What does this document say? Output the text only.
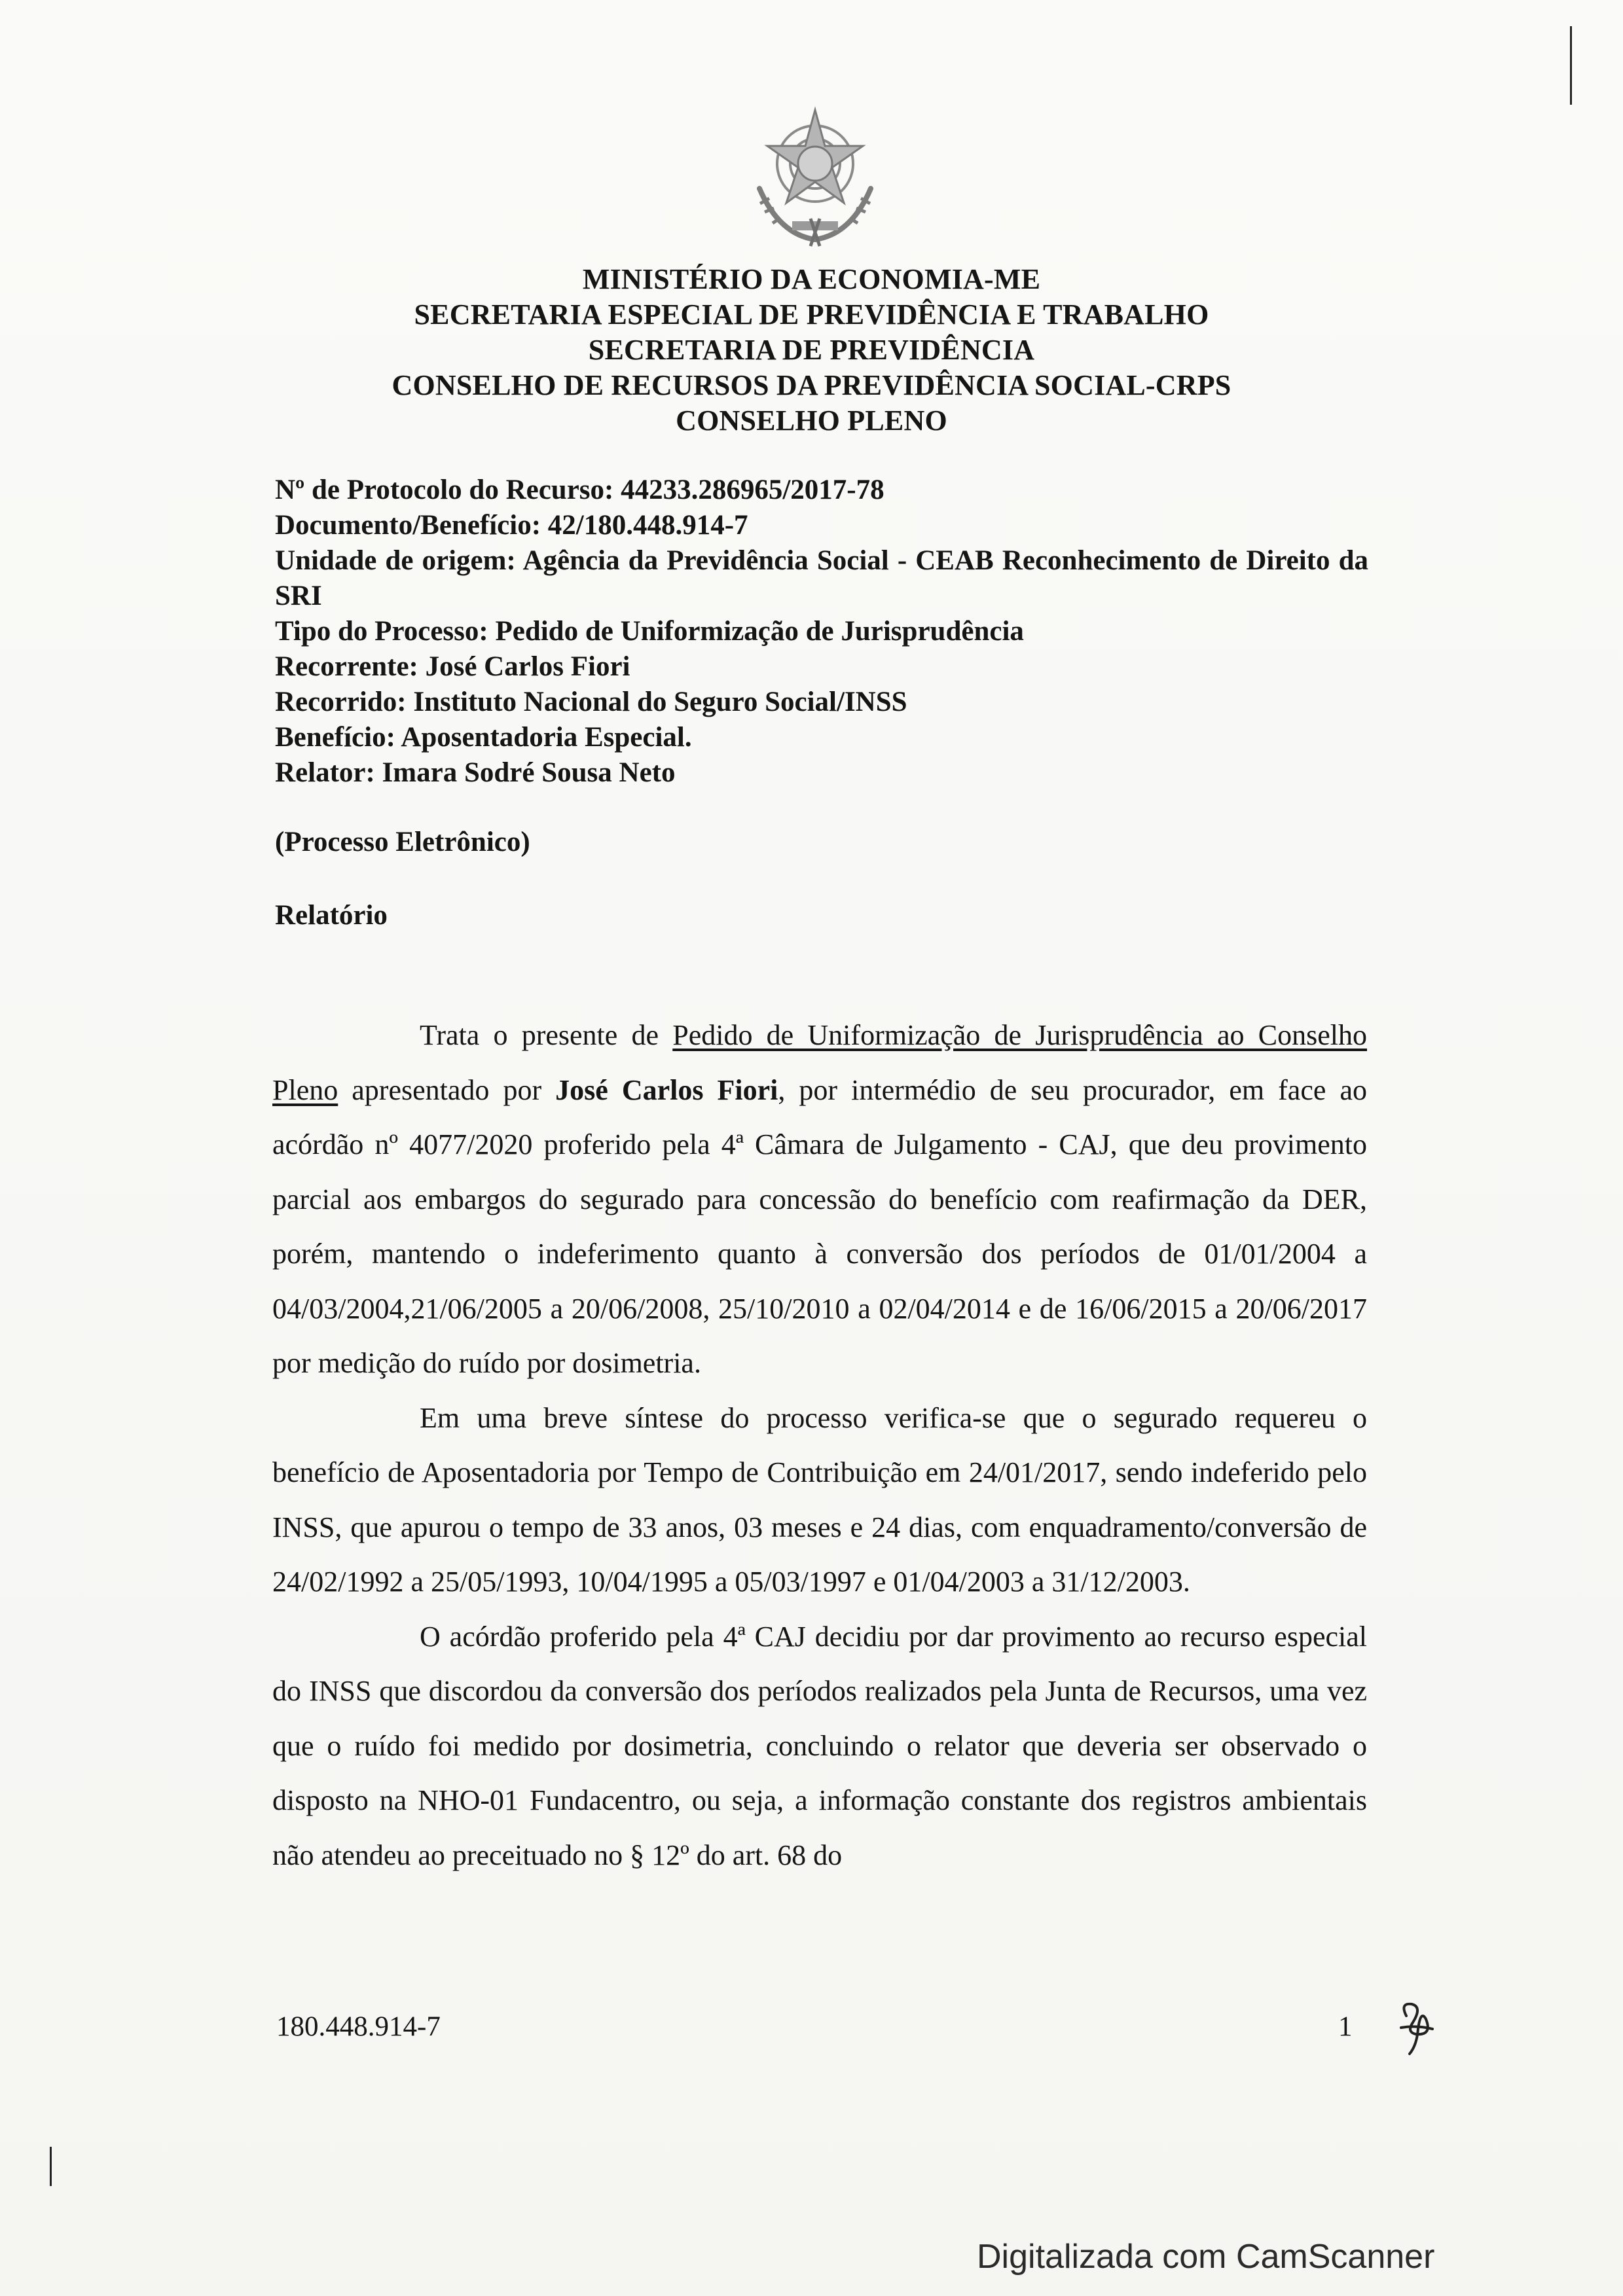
MINISTÉRIO DA ECONOMIA-ME
SECRETARIA ESPECIAL DE PREVIDÊNCIA E TRABALHO
SECRETARIA DE PREVIDÊNCIA
CONSELHO DE RECURSOS DA PREVIDÊNCIA SOCIAL-CRPS
CONSELHO PLENO
Nº de Protocolo do Recurso: 44233.286965/2017-78
Documento/Benefício: 42/180.448.914-7
Unidade de origem: Agência da Previdência Social - CEAB Reconhecimento de Direito da SRI
Tipo do Processo: Pedido de Uniformização de Jurisprudência
Recorrente: José Carlos Fiori
Recorrido: Instituto Nacional do Seguro Social/INSS
Benefício: Aposentadoria Especial.
Relator: Imara Sodré Sousa Neto
(Processo Eletrônico)
Relatório

Trata o presente de Pedido de Uniformização de Jurisprudência ao Conselho Pleno apresentado por José Carlos Fiori, por intermédio de seu procurador, em face ao acórdão nº 4077/2020 proferido pela 4ª Câmara de Julgamento - CAJ, que deu provimento parcial aos embargos do segurado para concessão do benefício com reafirmação da DER, porém, mantendo o indeferimento quanto à conversão dos períodos de 01/01/2004 a 04/03/2004,21/06/2005 a 20/06/2008, 25/10/2010 a 02/04/2014 e de 16/06/2015 a 20/06/2017 por medição do ruído por dosimetria.

Em uma breve síntese do processo verifica-se que o segurado requereu o benefício de Aposentadoria por Tempo de Contribuição em 24/01/2017, sendo indeferido pelo INSS, que apurou o tempo de 33 anos, 03 meses e 24 dias, com enquadramento/conversão de 24/02/1992 a 25/05/1993, 10/04/1995 a 05/03/1997 e 01/04/2003 a 31/12/2003.

O acórdão proferido pela 4ª CAJ decidiu por dar provimento ao recurso especial do INSS que discordou da conversão dos períodos realizados pela Junta de Recursos, uma vez que o ruído foi medido por dosimetria, concluindo o relator que deveria ser observado o disposto na NHO-01 Fundacentro, ou seja, a informação constante dos registros ambientais não atendeu ao preceituado no § 12º do art. 68 do

180.448.914-7	1
Digitalizada com CamScanner
